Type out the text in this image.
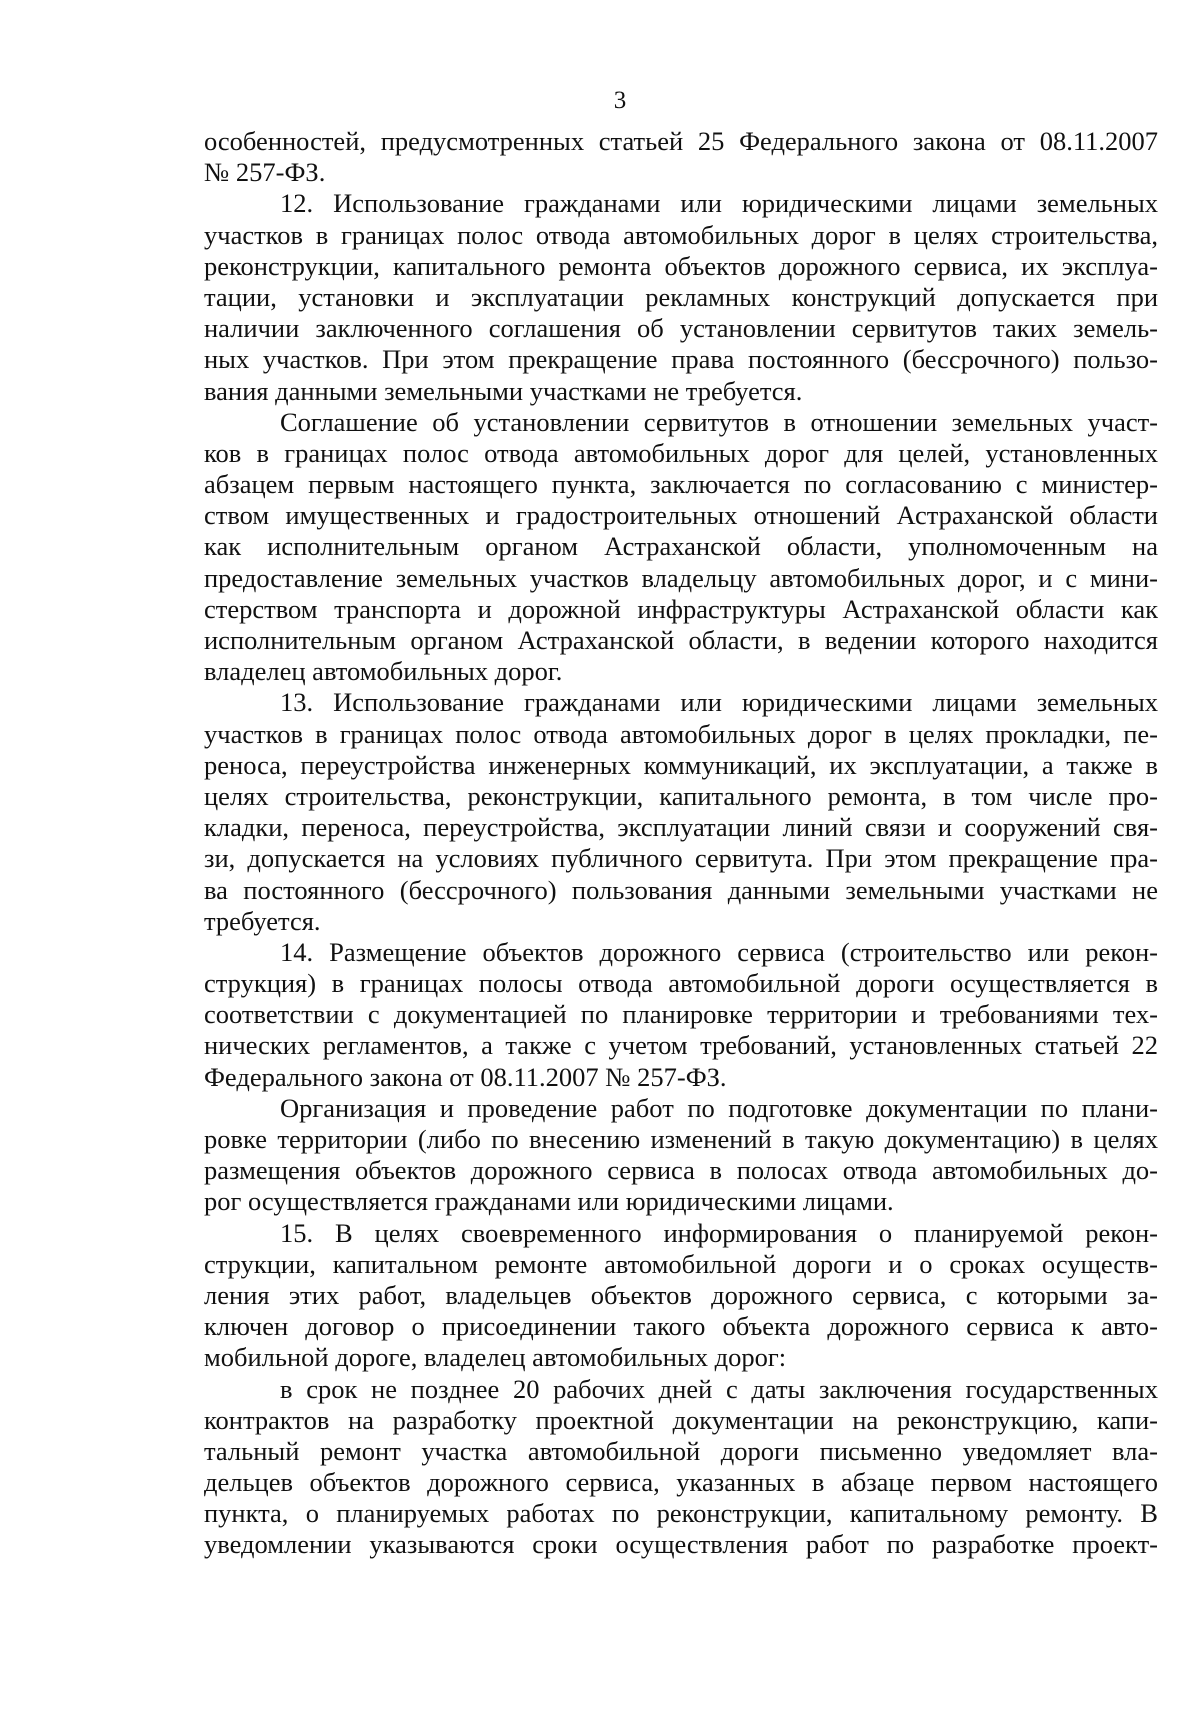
3
особенностей, предусмотренных статьей 25 Федерального закона от 08.11.2007
№ 257-ФЗ.
12. Использование гражданами или юридическими лицами земельных
участков в границах полос отвода автомобильных дорог в целях строительства,
реконструкции, капитального ремонта объектов дорожного сервиса, их эксплуа-
тации, установки и эксплуатации рекламных конструкций допускается при
наличии заключенного соглашения об установлении сервитутов таких земель-
ных участков. При этом прекращение права постоянного (бессрочного) пользо-
вания данными земельными участками не требуется.
Соглашение об установлении сервитутов в отношении земельных участ-
ков в границах полос отвода автомобильных дорог для целей, установленных
абзацем первым настоящего пункта, заключается по согласованию с министер-
ством имущественных и градостроительных отношений Астраханской области
как исполнительным органом Астраханской области, уполномоченным на
предоставление земельных участков владельцу автомобильных дорог, и с мини-
стерством транспорта и дорожной инфраструктуры Астраханской области как
исполнительным органом Астраханской области, в ведении которого находится
владелец автомобильных дорог.
13. Использование гражданами или юридическими лицами земельных
участков в границах полос отвода автомобильных дорог в целях прокладки, пе-
реноса, переустройства инженерных коммуникаций, их эксплуатации, а также в
целях строительства, реконструкции, капитального ремонта, в том числе про-
кладки, переноса, переустройства, эксплуатации линий связи и сооружений свя-
зи, допускается на условиях публичного сервитута. При этом прекращение пра-
ва постоянного (бессрочного) пользования данными земельными участками не
требуется.
14. Размещение объектов дорожного сервиса (строительство или рекон-
струкция) в границах полосы отвода автомобильной дороги осуществляется в
соответствии с документацией по планировке территории и требованиями тех-
нических регламентов, а также с учетом требований, установленных статьей 22
Федерального закона от 08.11.2007 № 257-ФЗ.
Организация и проведение работ по подготовке документации по плани-
ровке территории (либо по внесению изменений в такую документацию) в целях
размещения объектов дорожного сервиса в полосах отвода автомобильных до-
рог осуществляется гражданами или юридическими лицами.
15. В целях своевременного информирования о планируемой рекон-
струкции, капитальном ремонте автомобильной дороги и о сроках осуществ-
ления этих работ, владельцев объектов дорожного сервиса, с которыми за-
ключен договор о присоединении такого объекта дорожного сервиса к авто-
мобильной дороге, владелец автомобильных дорог:
в срок не позднее 20 рабочих дней с даты заключения государственных
контрактов на разработку проектной документации на реконструкцию, капи-
тальный ремонт участка автомобильной дороги письменно уведомляет вла-
дельцев объектов дорожного сервиса, указанных в абзаце первом настоящего
пункта, о планируемых работах по реконструкции, капитальному ремонту. В
уведомлении указываются сроки осуществления работ по разработке проект-
